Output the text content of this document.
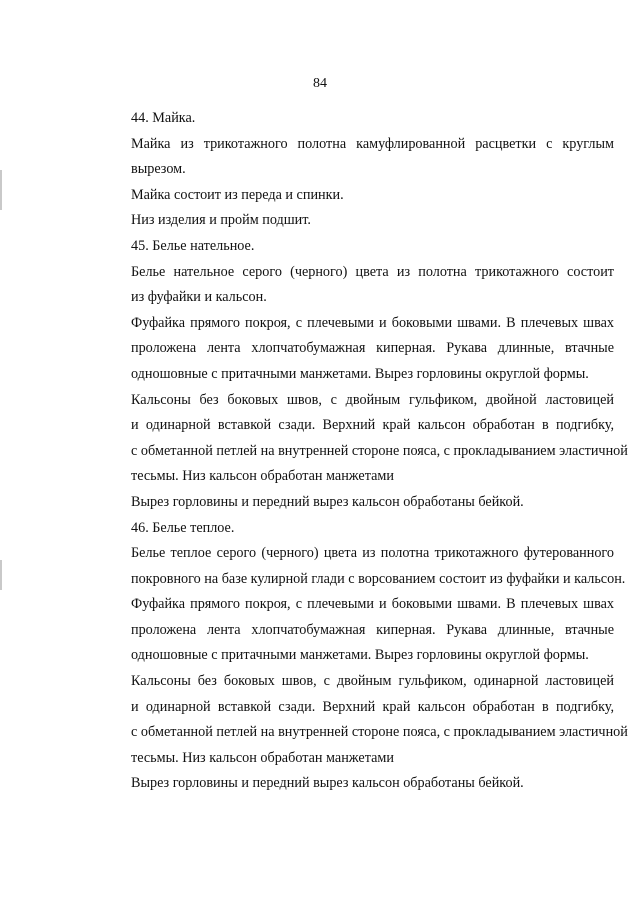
84
44. Майка.
Майка из трикотажного полотна камуфлированной расцветки с круглым
вырезом.
Майка состоит из переда и спинки.
Низ изделия и пройм подшит.
45. Белье нательное.
Белье нательное серого (черного) цвета из полотна трикотажного состоит
из фуфайки и кальсон.
Фуфайка прямого покроя, с плечевыми и боковыми швами. В плечевых швах
проложена лента хлопчатобумажная киперная. Рукава длинные, втачные
одношовные с притачными манжетами. Вырез горловины округлой формы.
Кальсоны без боковых швов, с двойным гульфиком, двойной ластовицей
и одинарной вставкой сзади. Верхний край кальсон обработан в подгибку,
с обметанной петлей на внутренней стороне пояса, с прокладыванием эластичной
тесьмы. Низ кальсон обработан манжетами
Вырез горловины и передний вырез кальсон обработаны бейкой.
46. Белье теплое.
Белье теплое серого (черного) цвета из полотна трикотажного футерованного
покровного на базе кулирной глади с ворсованием состоит из фуфайки и кальсон.
Фуфайка прямого покроя, с плечевыми и боковыми швами. В плечевых швах
проложена лента хлопчатобумажная киперная. Рукава длинные, втачные
одношовные с притачными манжетами. Вырез горловины округлой формы.
Кальсоны без боковых швов, с двойным гульфиком, одинарной ластовицей
и одинарной вставкой сзади. Верхний край кальсон обработан в подгибку,
с обметанной петлей на внутренней стороне пояса, с прокладыванием эластичной
тесьмы. Низ кальсон обработан манжетами
Вырез горловины и передний вырез кальсон обработаны бейкой.
